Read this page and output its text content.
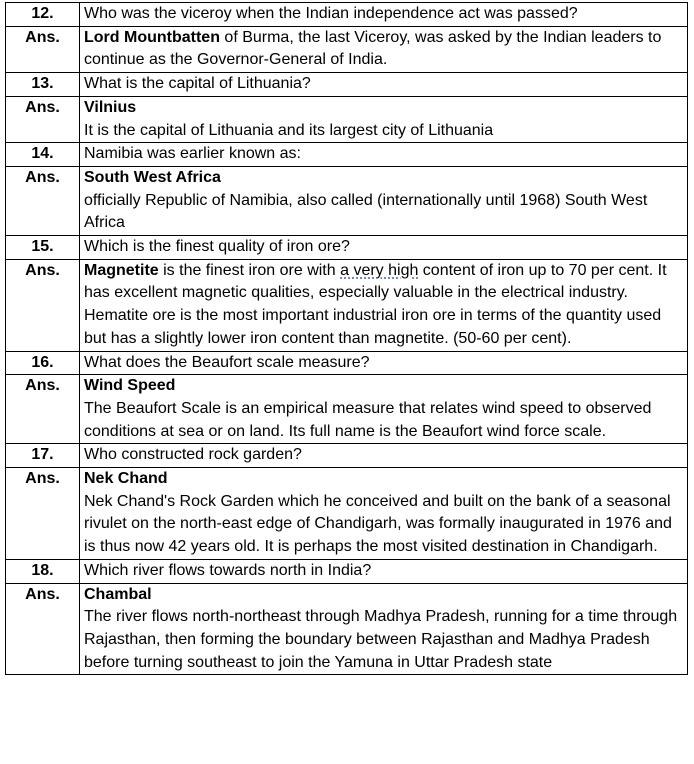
12.	Who was the viceroy when the Indian independence act was passed?
Ans.	Lord Mountbatten of Burma, the last Viceroy, was asked by the Indian leaders to continue as the Governor-General of India.
13.	What is the capital of Lithuania?
Ans.	Vilnius
It is the capital of Lithuania and its largest city of Lithuania

14.	Namibia was earlier known as:
Ans.	South West Africa
officially Republic of Namibia, also called (internationally until 1968) South West Africa

15.	Which is the finest quality of iron ore?
Ans.	Magnetite is the finest iron ore with a very high content of iron up to 70 per cent. It has excellent magnetic qualities, especially valuable in the electrical industry. Hematite ore is the most important industrial iron ore in terms of the quantity used but has a slightly lower iron content than magnetite. (50-60 per cent).
16.	What does the Beaufort scale measure?
Ans.	Wind Speed
The Beaufort Scale is an empirical measure that relates wind speed to observed conditions at sea or on land. Its full name is the Beaufort wind force scale.

17.	Who constructed rock garden?
Ans.	Nek Chand
Nek Chand's Rock Garden which he conceived and built on the bank of a seasonal rivulet on the north-east edge of Chandigarh, was formally inaugurated in 1976 and is thus now 42 years old. It is perhaps the most visited destination in Chandigarh.

18.	Which river flows towards north in India?
Ans.	Chambal
The river flows north-northeast through Madhya Pradesh, running for a time through Rajasthan, then forming the boundary between Rajasthan and Madhya Pradesh before turning southeast to join the Yamuna in Uttar Pradesh state
